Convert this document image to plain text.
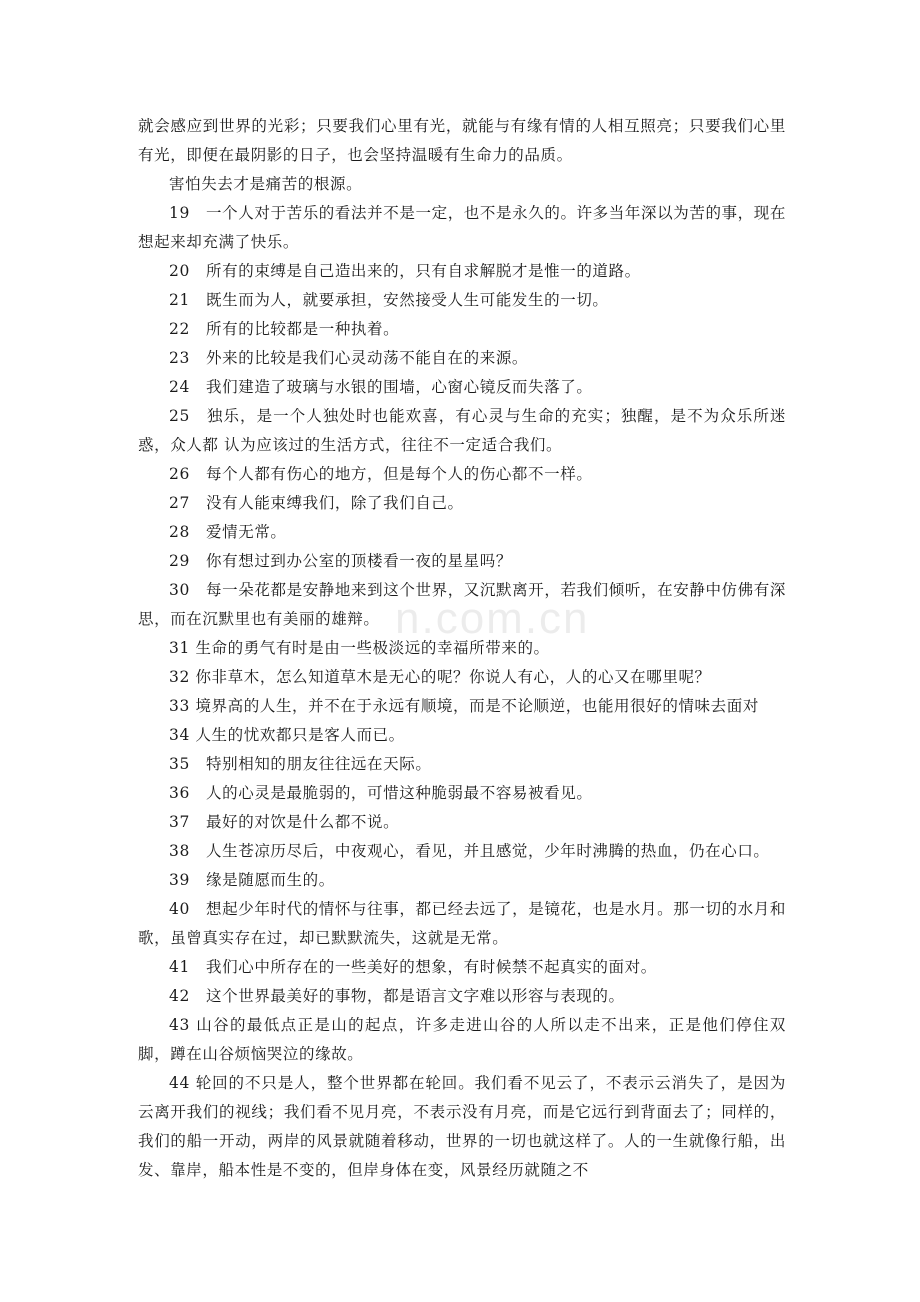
就会感应到世界的光彩；只要我们心里有光，就能与有缘有情的人相互照亮；只要我们心里有光，即便在最阴影的日子，也会坚持温暖有生命力的品质。

害怕失去才是痛苦的根源。

19　一个人对于苦乐的看法并不是一定，也不是永久的。许多当年深以为苦的事，现在想起来却充满了快乐。

20　所有的束缚是自己造出来的，只有自求解脱才是惟一的道路。

21　既生而为人，就要承担，安然接受人生可能发生的一切。

22　所有的比较都是一种执着。

23　外来的比较是我们心灵动荡不能自在的来源。

24　我们建造了玻璃与水银的围墙，心窗心镜反而失落了。

25　独乐，是一个人独处时也能欢喜，有心灵与生命的充实；独醒，是不为众乐所迷惑，众人都 认为应该过的生活方式，往往不一定适合我们。

26　每个人都有伤心的地方，但是每个人的伤心都不一样。

27　没有人能束缚我们，除了我们自己。

28　爱情无常。

29　你有想过到办公室的顶楼看一夜的星星吗？

30　每一朵花都是安静地来到这个世界，又沉默离开，若我们倾听，在安静中仿佛有深思，而在沉默里也有美丽的雄辩。

31 生命的勇气有时是由一些极淡远的幸福所带来的。

32 你非草木，怎么知道草木是无心的呢？你说人有心，人的心又在哪里呢？

33 境界高的人生，并不在于永远有顺境，而是不论顺逆，也能用很好的情味去面对

34 人生的忧欢都只是客人而已。

35　特别相知的朋友往往远在天际。

36　人的心灵是最脆弱的，可惜这种脆弱最不容易被看见。

37　最好的对饮是什么都不说。

38　人生苍凉历尽后，中夜观心，看见，并且感觉，少年时沸腾的热血，仍在心口。

39　缘是随愿而生的。

40　想起少年时代的情怀与往事，都已经去远了，是镜花，也是水月。那一切的水月和歌，虽曾真实存在过，却已默默流失，这就是无常。

41　我们心中所存在的一些美好的想象，有时候禁不起真实的面对。

42　这个世界最美好的事物，都是语言文字难以形容与表现的。

43 山谷的最低点正是山的起点，许多走进山谷的人所以走不出来，正是他们停住双脚，蹲在山谷烦恼哭泣的缘故。

44 轮回的不只是人，整个世界都在轮回。我们看不见云了，不表示云消失了，是因为云离开我们的视线；我们看不见月亮，不表示没有月亮，而是它远行到背面去了；同样的，我们的船一开动，两岸的风景就随着移动，世界的一切也就这样了。人的一生就像行船，出发、靠岸，船本性是不变的，但岸身体在变，风景经历就随之不

n.com.cn
